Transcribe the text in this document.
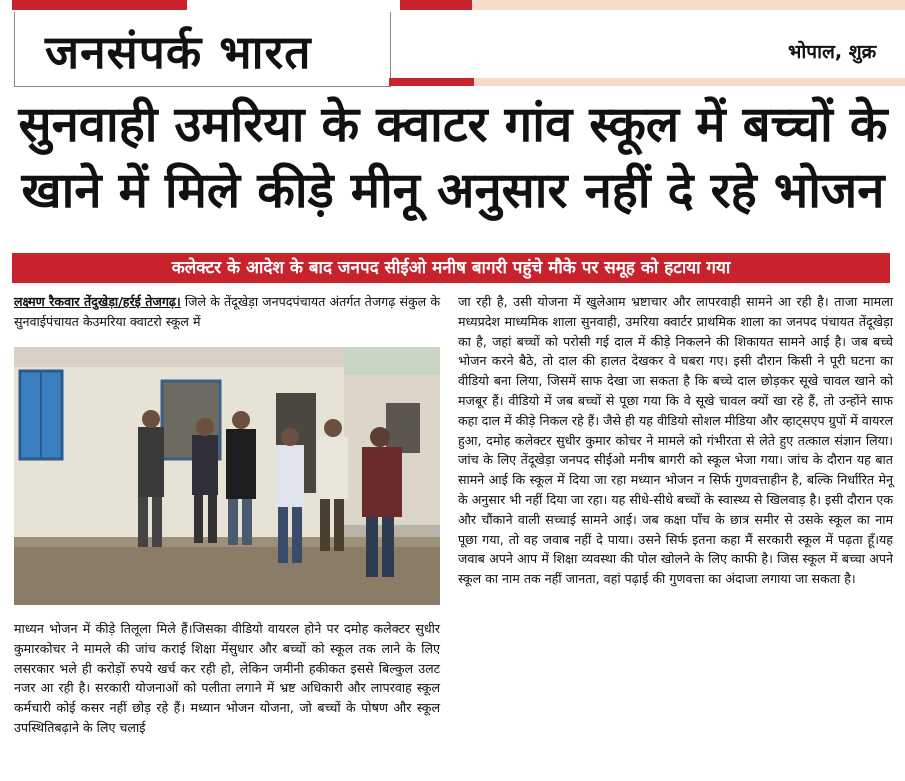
जनसंपर्क भारत	भोपाल, शुक्र
सुनवाही उमरिया के क्वाटर गांव स्कूल में बच्चों के खाने में मिले कीड़े मीनू अनुसार नहीं दे रहे भोजन
कलेक्टर के आदेश के बाद जनपद सीईओ मनीष बागरी पहुंचे मौके पर समूह को हटाया गया
लक्ष्मण रैकवार तेंदुखेड़ा/हर्रई तेजगढ़। जिले के तेंदूखेड़ा जनपदपंचायत अंतर्गत तेजगढ़ संकुल के सुनवाईपंचायत केउमरिया क्वाटरो स्कूल में
माध्यन भोजन में कीड़े तिलूला मिले हैं।जिसका वीडियो वायरल होने पर दमोह कलेक्टर सुधीर कुमारकोचर ने मामले की जांच कराई शिक्षा मेंसुधार और बच्चों को स्कूल तक लाने के लिए लसरकार भले ही करोड़ों रुपये खर्च कर रही हो, लेकिन जमीनी हकीकत इससे बिल्कुल उलट नजर आ रही है। सरकारी योजनाओं को पलीता लगाने में भ्रष्ट अधिकारी और लापरवाह स्कूल कर्मचारी कोई कसर नहीं छोड़ रहे हैं। मध्यान भोजन योजना, जो बच्चों के पोषण और स्कूल उपस्थितिबढ़ाने के लिए चलाई
जा रही है, उसी योजना में खुलेआम भ्रष्टाचार और लापरवाही सामने आ रही है। ताजा मामला मध्यप्रदेश माध्यमिक शाला सुनवाही, उमरिया क्वार्टर प्राथमिक शाला का जनपद पंचायत तेंदूखेड़ा का है, जहां बच्चों को परोसी गई दाल में कीड़े निकलने की शिकायत सामने आई है। जब बच्चे भोजन करने बैठे, तो दाल की हालत देखकर वे घबरा गए। इसी दौरान किसी ने पूरी घटना का वीडियो बना लिया, जिसमें साफ देखा जा सकता है कि बच्चे दाल छोड़कर सूखे चावल खाने को मजबूर हैं। वीडियो में जब बच्चों से पूछा गया कि वे सूखे चावल क्यों खा रहे हैं, तो उन्होंने साफ कहा दाल में कीड़े निकल रहे हैं। जैसे ही यह वीडियो सोशल मीडिया और व्हाट्सएप ग्रुपों में वायरल हुआ, दमोह कलेक्टर सुधीर कुमार कोचर ने मामले को गंभीरता से लेते हुए तत्काल संज्ञान लिया। जांच के लिए तेंदूखेड़ा जनपद सीईओ मनीष बागरी को स्कूल भेजा गया। जांच के दौरान यह बात सामने आई कि स्कूल में दिया जा रहा मध्यान भोजन न सिर्फ गुणवत्ताहीन है, बल्कि निर्धारित मेनू के अनुसार भी नहीं दिया जा रहा। यह सीधे-सीधे बच्चों के स्वास्थ्य से खिलवाड़ है। इसी दौरान एक और चौंकाने वाली सच्चाई सामने आई। जब कक्षा पाँच के छात्र समीर से उसके स्कूल का नाम पूछा गया, तो वह जवाब नहीं दे पाया। उसने सिर्फ इतना कहा मैं सरकारी स्कूल में पढ़ता हूँ।यह जवाब अपने आप में शिक्षा व्यवस्था की पोल खोलने के लिए काफी है। जिस स्कूल में बच्चा अपने स्कूल का नाम तक नहीं जानता, वहां पढ़ाई की गुणवत्ता का अंदाजा लगाया जा सकता है।
